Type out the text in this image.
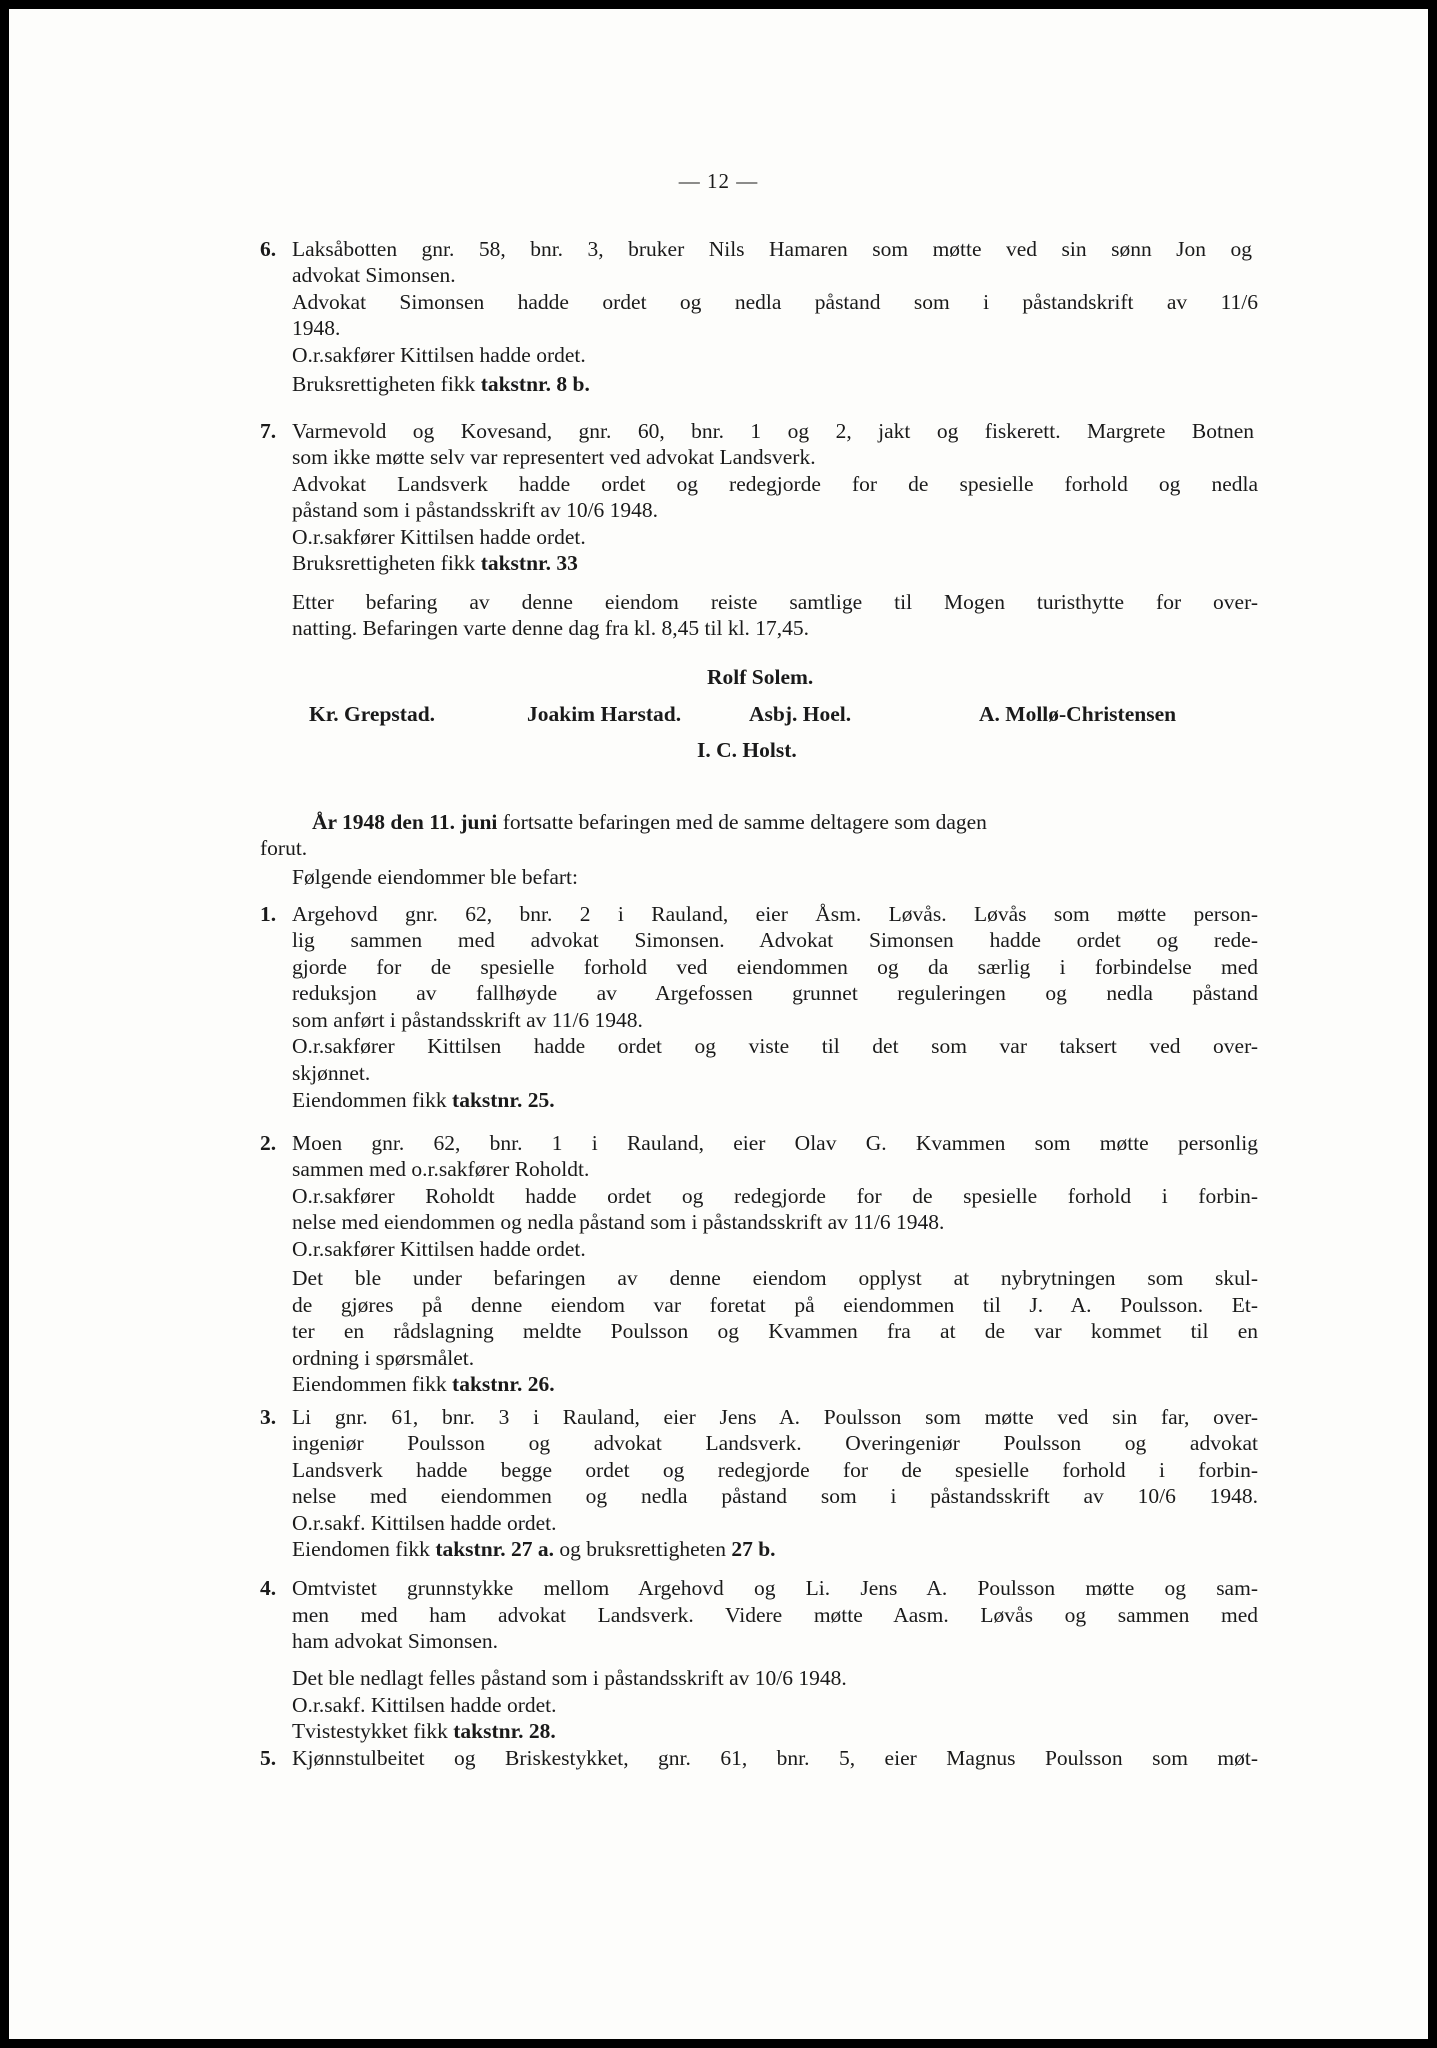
— 12 —
6. Laksåbotten gnr. 58, bnr. 3, bruker Nils Hamaren som møtte ved sin sønn Jon og
advokat Simonsen.
Advokat Simonsen hadde ordet og nedla påstand som i påstandskrift av 11/6
1948.
O.r.sakfører Kittilsen hadde ordet.
Bruksrettigheten fikk takstnr. 8 b.
7. Varmevold og Kovesand, gnr. 60, bnr. 1 og 2, jakt og fiskerett. Margrete Botnen
som ikke møtte selv var representert ved advokat Landsverk.
Advokat Landsverk hadde ordet og redegjorde for de spesielle forhold og nedla
påstand som i påstandsskrift av 10/6 1948.
O.r.sakfører Kittilsen hadde ordet.
Bruksrettigheten fikk takstnr. 33
Etter befaring av denne eiendom reiste samtlige til Mogen turisthytte for over-
natting. Befaringen varte denne dag fra kl. 8,45 til kl. 17,45.
Rolf Solem.
Kr. Grepstad.	Joakim Harstad.	Asbj. Hoel.	A. Mollø-Christensen
I. C. Holst.
År 1948 den 11. juni fortsatte befaringen med de samme deltagere som dagen
forut.
Følgende eiendommer ble befart:
1. Argehovd gnr. 62, bnr. 2 i Rauland, eier Åsm. Løvås. Løvås som møtte person-
lig sammen med advokat Simonsen. Advokat Simonsen hadde ordet og rede-
gjorde for de spesielle forhold ved eiendommen og da særlig i forbindelse med
reduksjon av fallhøyde av Argefossen grunnet reguleringen og nedla påstand
som anført i påstandsskrift av 11/6 1948.
O.r.sakfører Kittilsen hadde ordet og viste til det som var taksert ved over-
skjønnet.
Eiendommen fikk takstnr. 25.
2. Moen gnr. 62, bnr. 1 i Rauland, eier Olav G. Kvammen som møtte personlig
sammen med o.r.sakfører Roholdt.
O.r.sakfører Roholdt hadde ordet og redegjorde for de spesielle forhold i forbin-
nelse med eiendommen og nedla påstand som i påstandsskrift av 11/6 1948.
O.r.sakfører Kittilsen hadde ordet.
Det ble under befaringen av denne eiendom opplyst at nybrytningen som skul-
de gjøres på denne eiendom var foretat på eiendommen til J. A. Poulsson. Et-
ter en rådslagning meldte Poulsson og Kvammen fra at de var kommet til en
ordning i spørsmålet.
Eiendommen fikk takstnr. 26.
3. Li gnr. 61, bnr. 3 i Rauland, eier Jens A. Poulsson som møtte ved sin far, over-
ingeniør Poulsson og advokat Landsverk. Overingeniør Poulsson og advokat
Landsverk hadde begge ordet og redegjorde for de spesielle forhold i forbin-
nelse med eiendommen og nedla påstand som i påstandsskrift av 10/6 1948.
O.r.sakf. Kittilsen hadde ordet.
Eiendomen fikk takstnr. 27 a. og bruksrettigheten 27 b.
4. Omtvistet grunnstykke mellom Argehovd og Li. Jens A. Poulsson møtte og sam-
men med ham advokat Landsverk. Videre møtte Aasm. Løvås og sammen med
ham advokat Simonsen.
Det ble nedlagt felles påstand som i påstandsskrift av 10/6 1948.
O.r.sakf. Kittilsen hadde ordet.
Tvistestykket fikk takstnr. 28.
5. Kjønnstulbeitet og Briskestykket, gnr. 61, bnr. 5, eier Magnus Poulsson som møt-
